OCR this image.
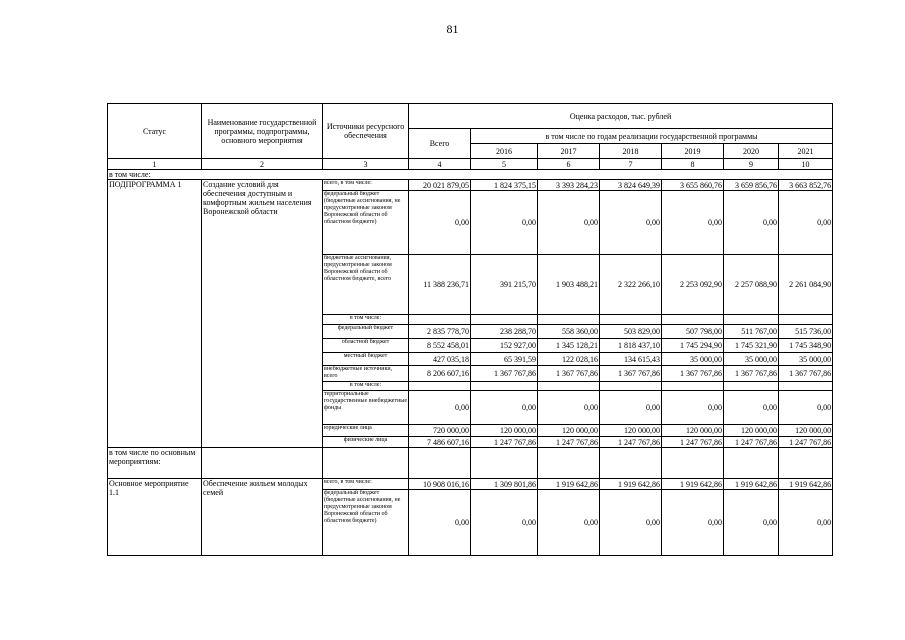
81
Статус	Наименование государственной программы, подпрограммы, основного мероприятия	Источники ресурсного обеспечения	Оценка расходов, тыс. рублей						
			Всего	в том числе по годам реализации государственной программы					
				2016	2017	2018	2019	2020	2021
1	2	3	4	5	6	7	8	9	10
в том числе:									
ПОДПРОГРАММА 1	Создание условий для обеспечения доступным и комфортным жильем населения Воронежской области	всего, в том числе:	20 021 879,05	1 824 375,15	3 393 284,23	3 824 649,39	3 655 860,76	3 659 856,76	3 663 852,76
		федеральный бюджет (бюджетные ассигнования, не предусмотренные законом Воронежской области об областном бюджете)	0,00	0,00	0,00	0,00	0,00	0,00	0,00
		бюджетные ассигнования, предусмотренные законом Воронежской области об областном бюджете, всего	11 388 236,71	391 215,70	1 903 488,21	2 322 266,10	2 253 092,90	2 257 088,90	2 261 084,90
		в том числе:							
		федеральный бюджет	2 835 778,70	238 288,70	558 360,00	503 829,00	507 798,00	511 767,00	515 736,00
		областной бюджет	8 552 458,01	152 927,00	1 345 128,21	1 818 437,10	1 745 294,90	1 745 321,90	1 745 348,90
		местный бюджет	427 035,18	65 391,59	122 028,16	134 615,43	35 000,00	35 000,00	35 000,00
		внебюджетные источники, всего	8 206 607,16	1 367 767,86	1 367 767,86	1 367 767,86	1 367 767,86	1 367 767,86	1 367 767,86
		в том числе:							
		территориальные государственные внебюджетные фонды	0,00	0,00	0,00	0,00	0,00	0,00	0,00
		юридические лица	720 000,00	120 000,00	120 000,00	120 000,00	120 000,00	120 000,00	120 000,00
		физические лица	7 486 607,16	1 247 767,86	1 247 767,86	1 247 767,86	1 247 767,86	1 247 767,86	1 247 767,86
в том числе по основным мероприятиям:									
Основное мероприятие 1.1	Обеспечение жильем молодых семей	всего, в том числе:	10 908 016,16	1 309 801,86	1 919 642,86	1 919 642,86	1 919 642,86	1 919 642,86	1 919 642,86
		федеральный бюджет (бюджетные ассигнования, не предусмотренные законом Воронежской области об областном бюджете)	0,00	0,00	0,00	0,00	0,00	0,00	0,00
